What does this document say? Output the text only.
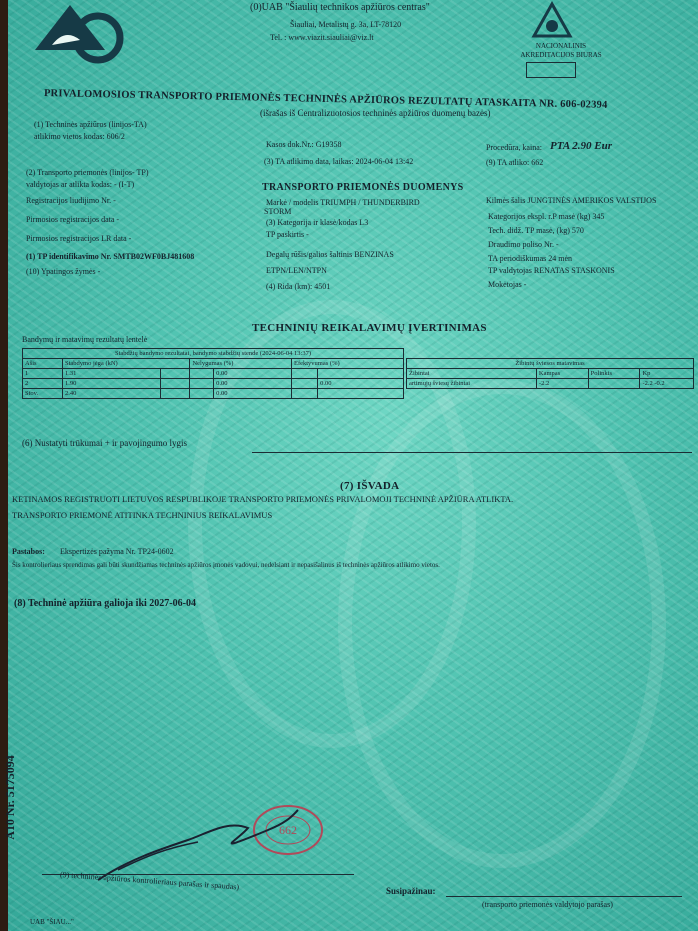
(0)UAB "Šiaulių technikos apžiūros centras"
Šiauliai, Metalistų g. 3a, LT-78120
Tel. : www.viazit.siauliai@viz.lt
NACIONALINIS AKREDITACIJOS BIURAS
PRIVALOMOSIOS TRANSPORTO PRIEMONĖS TECHNINĖS APŽIŪROS REZULTATŲ ATASKAITA NR. 606-02394
(išrašas iš Centralizuotosios techninės apžiūros duomenų bazės)
(1) Techninės apžiūros (linijos-TA)
atlikimo vietos kodas: 606/2
(2) Transporto priemonės (linijos- TP)
valdytojas ar atlikta kodas: - (I-T)
Registracijos liudijimo Nr. -
Pirmosios registracijos data -
Pirmosios registracijos LR data -
(1) TP identifikavimo Nr. SMTB02WF0BJ481608
(10) Ypatingos žymės -
Kasos dok.Nr.: G19358
(3) TA atlikimo data, laikas: 2024-06-04 13:42
TRANSPORTO PRIEMONĖS DUOMENYS
Markė / modelis TRIUMPH / THUNDERBIRD
STORM
(3) Kategorija ir klasė/kodas L3
TP paskirtis -
Degalų rūšis/galios šaltinis BENZINAS
ETPN/LEN/NTPN
(4) Rida (km): 4501
Procedūra, kaina: PTA 2.90 Eur
(9) TA atliko: 662
Kilmės šalis JUNGTINĖS AMERIKOS VALSTIJOS
Kategorijos ekspl. r.P masė (kg) 345
Tech. didž. TP masė, (kg) 570
Draudimo poliso Nr. -
TA periodiškumas 24 mėn
TP valdytojas RENATAS STASKONIS
Mokėtojas -
TECHNINIŲ REIKALAVIMŲ ĮVERTINIMAS
Bandymų ir matavimų rezultatų lentelė
Stabdžių bandymo rezultatai, bandymo stabdžių stende (2024-06-04 13:37)						
Ašis	Stabdymo jėga (kN)		Nelygumas (%)		Efektyvumas (%)	
1	1.31			0.00		
2	1.90			0.00		0.00
Stov.	2.40			0.00		
Žibintų šviesos matavimas			
Žibintai	Kampas	Polinkis	Kp
artimųjų šviesų žibintai	-2.2		-2.2 -0.2
(6) Nustatyti trūkumai + ir pavojingumo lygis
(7) IŠVADA
KETINAMOS REGISTRUOTI LIETUVOS RESPUBLIKOJE TRANSPORTO PRIEMONĖS PRIVALOMOJI TECHNINĖ APŽIŪRA ATLIKTA.
TRANSPORTO PRIEMONĖ ATITINKA TECHNINIUS REIKALAVIMUS
Pastabos: Ekspertizės pažyma Nr. TP24-0602
Šis kontrolieriaus sprendimas gali būti skundžiamas techninės apžiūros įmonės vadovui, nedelsiant ir nepasišalinus iš techninės apžiūros atlikimo vietos.
(8) Techninė apžiūra galioja iki 2027-06-04
A10 Nr. 5175094	662
(9) techninės apžiūros kontrolieriaus parašas ir spaudas)	Susipažinau:
(transporto priemonės valdytojo parašas)
UAB "ŠIAU..."
